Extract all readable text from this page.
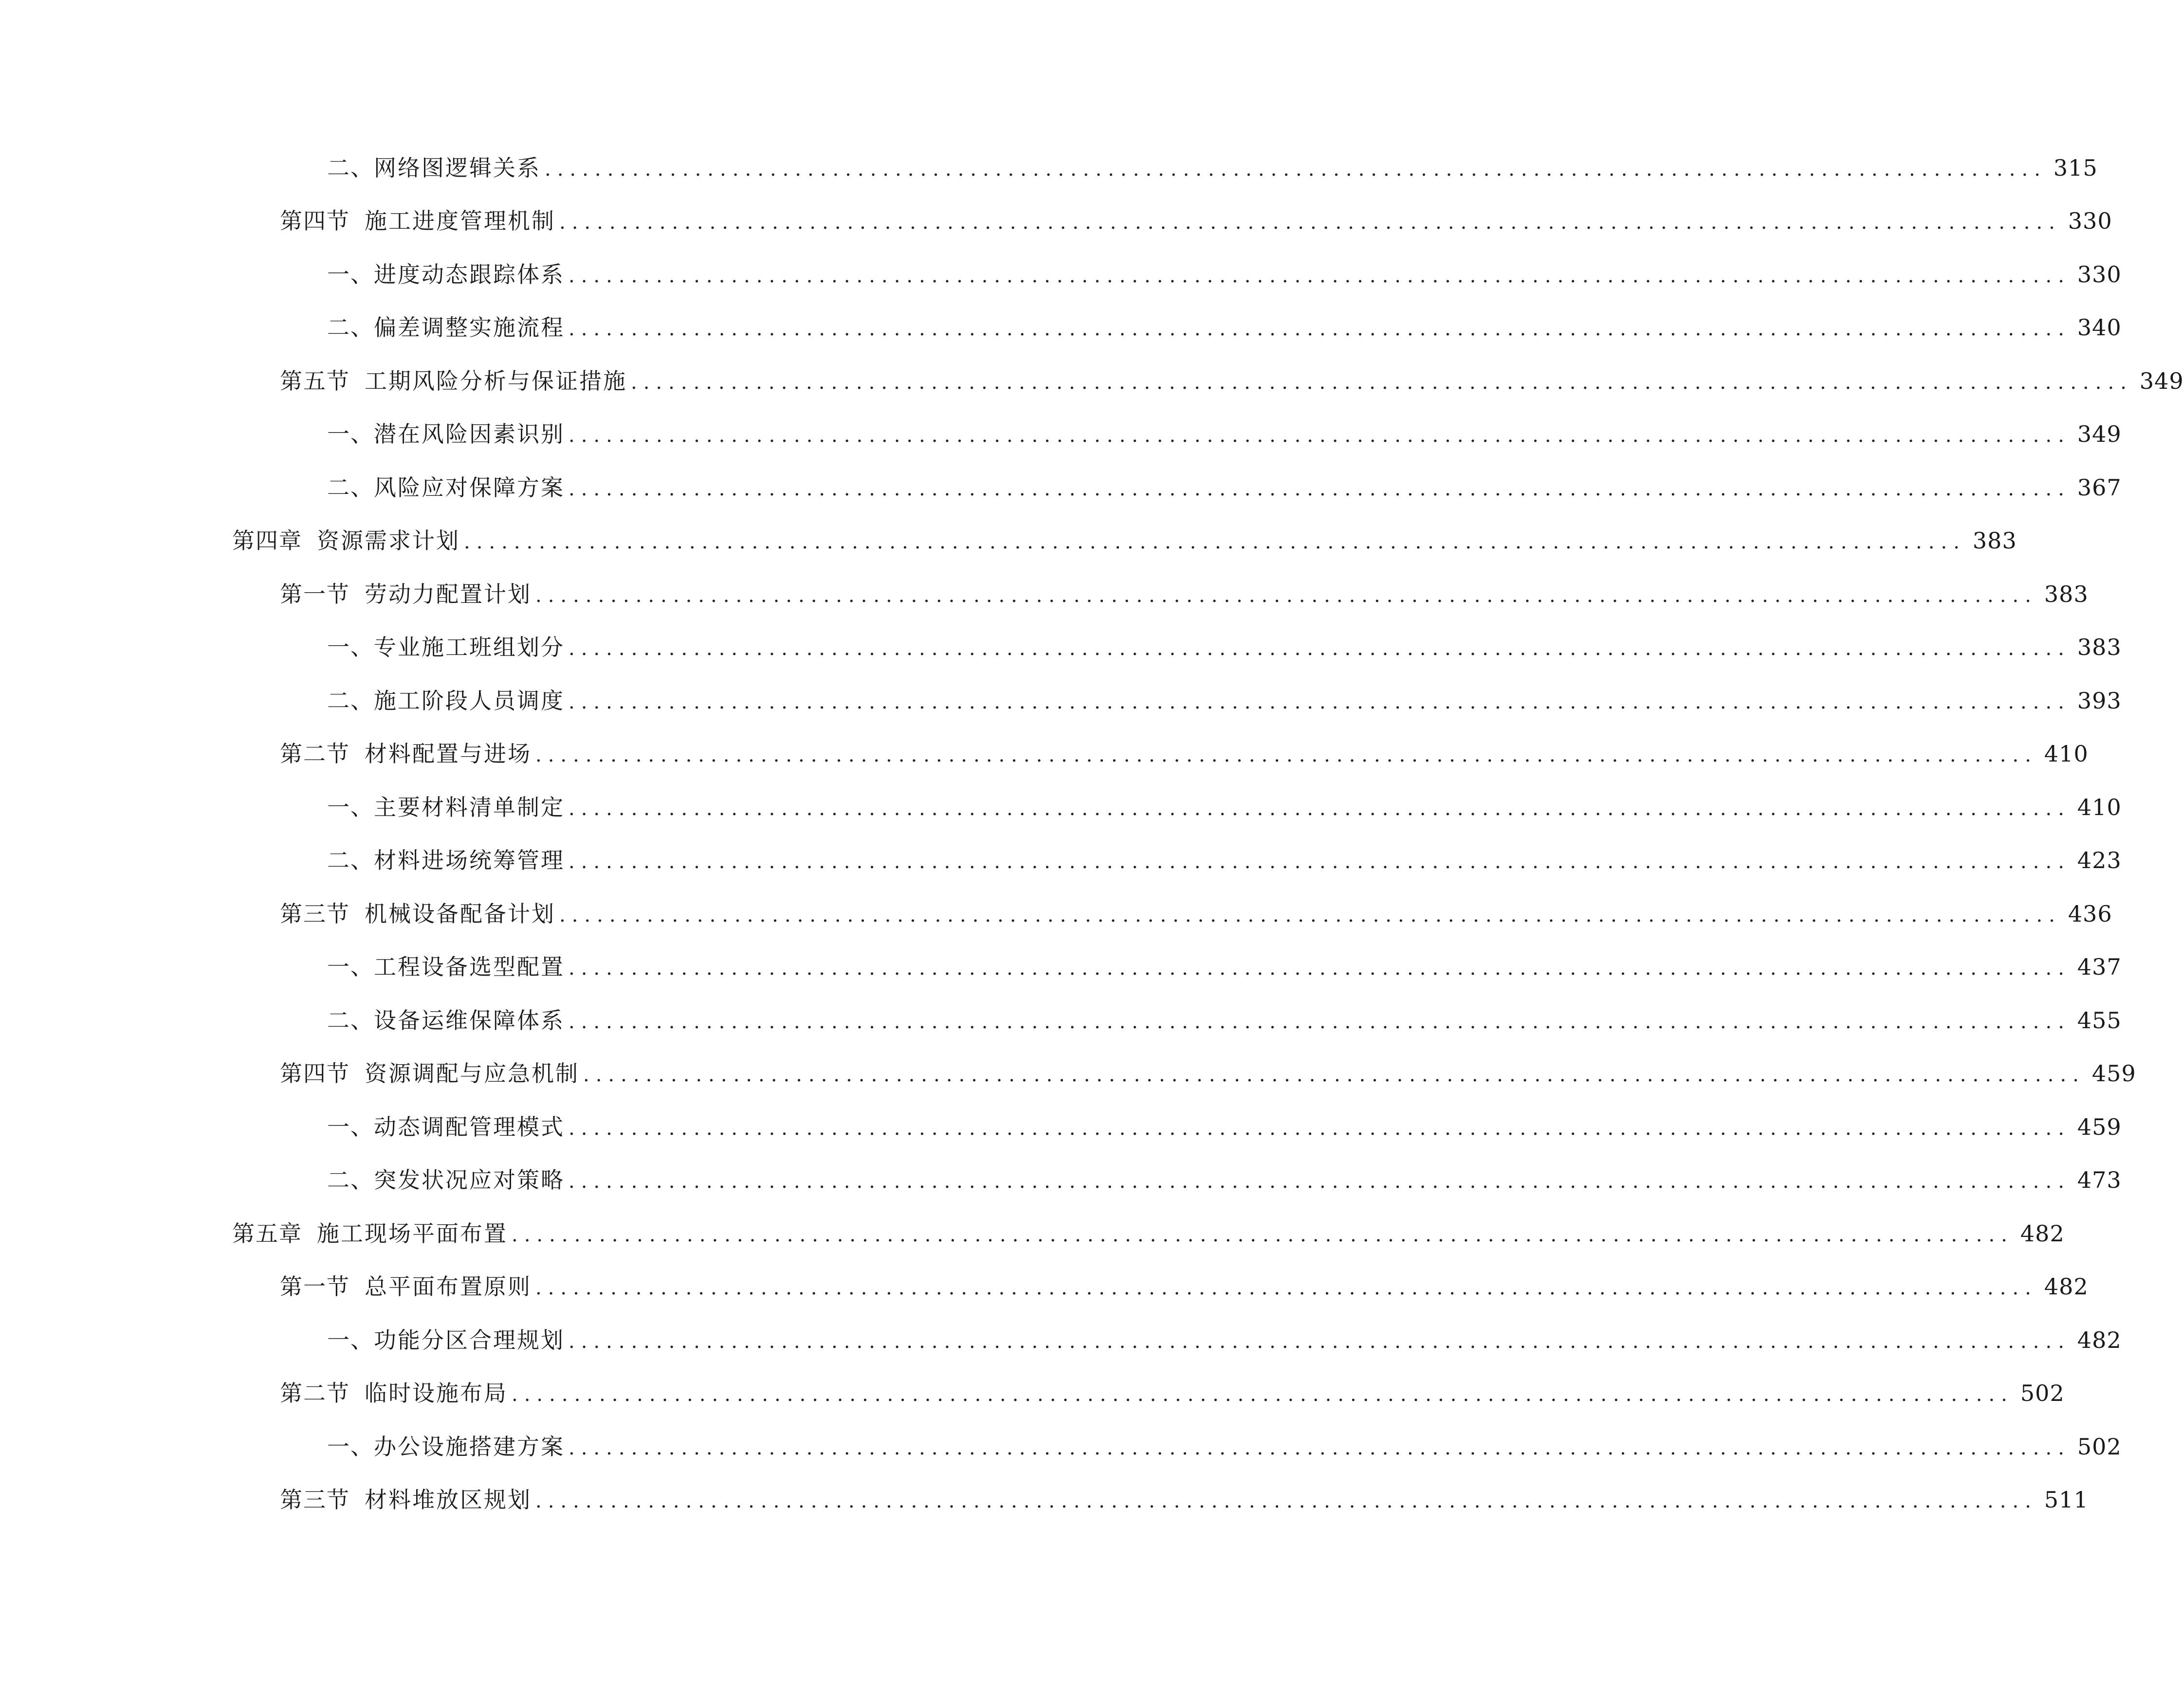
二、 网络图逻辑关系 ........................................................................................................................ 315
第四节 施工进度管理机制 ........................................................................................................................ 330
一、 进度动态跟踪体系 ........................................................................................................................ 330
二、 偏差调整实施流程 ........................................................................................................................ 340
第五节 工期风险分析与保证措施 ........................................................................................................................ 349
一、 潜在风险因素识别 ........................................................................................................................ 349
二、 风险应对保障方案 ........................................................................................................................ 367
第四章 资源需求计划 ........................................................................................................................ 383
第一节 劳动力配置计划 ........................................................................................................................ 383
一、 专业施工班组划分 ........................................................................................................................ 383
二、 施工阶段人员调度 ........................................................................................................................ 393
第二节 材料配置与进场 ........................................................................................................................ 410
一、 主要材料清单制定 ........................................................................................................................ 410
二、 材料进场统筹管理 ........................................................................................................................ 423
第三节 机械设备配备计划 ........................................................................................................................ 436
一、 工程设备选型配置 ........................................................................................................................ 437
二、 设备运维保障体系 ........................................................................................................................ 455
第四节 资源调配与应急机制 ........................................................................................................................ 459
一、 动态调配管理模式 ........................................................................................................................ 459
二、 突发状况应对策略 ........................................................................................................................ 473
第五章 施工现场平面布置 ........................................................................................................................ 482
第一节 总平面布置原则 ........................................................................................................................ 482
一、 功能分区合理规划 ........................................................................................................................ 482
第二节 临时设施布局 ........................................................................................................................ 502
一、 办公设施搭建方案 ........................................................................................................................ 502
第三节 材料堆放区规划 ........................................................................................................................ 511
